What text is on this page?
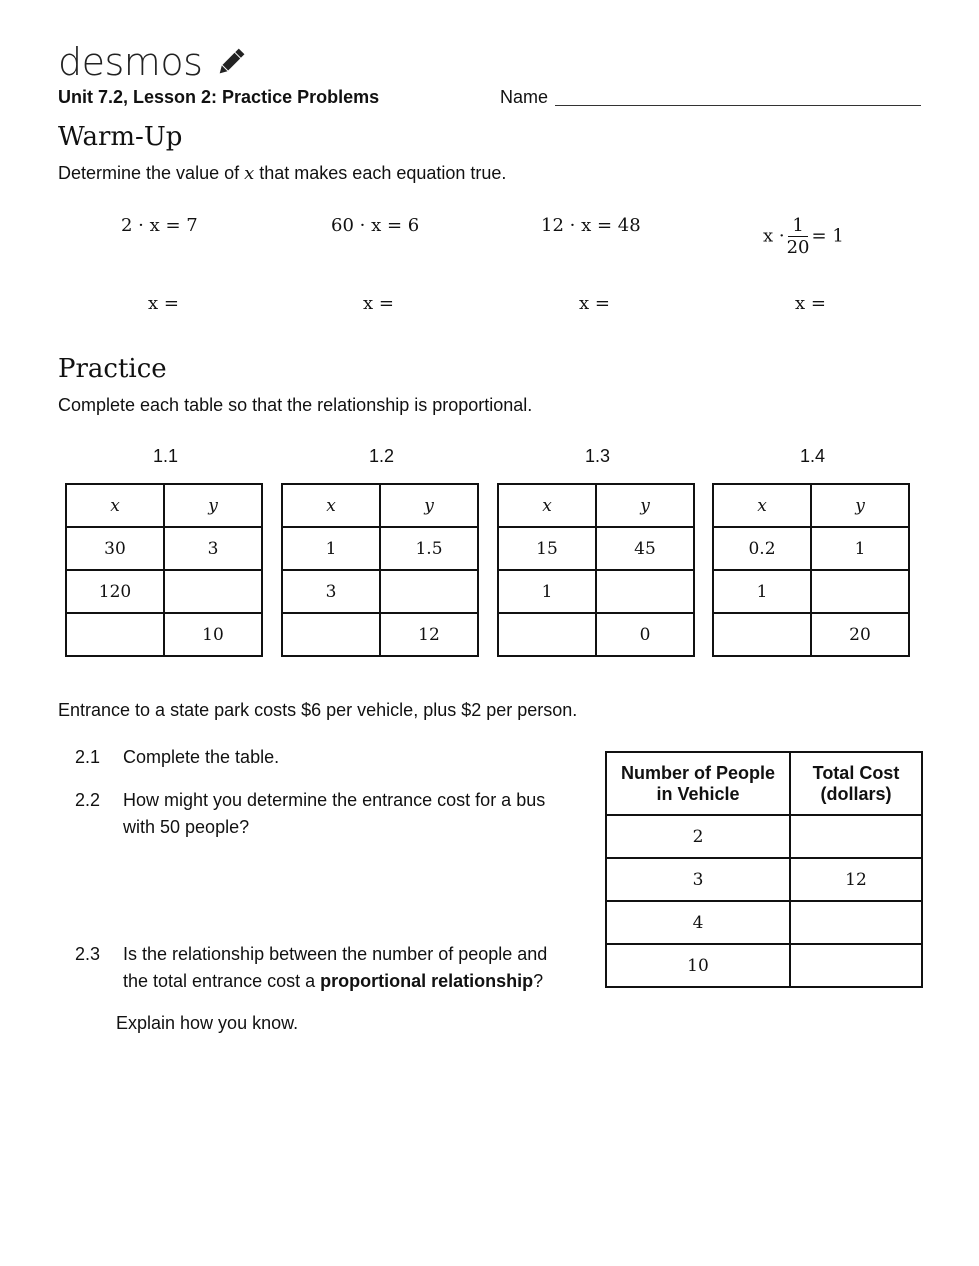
desmos
Unit 7.2, Lesson 2: Practice Problems	Name
Warm-Up
Determine the value of x that makes each equation true.
2 · x = 7	60 · x = 6	12 · x = 48	$x \cdot \frac{1}{20} = 1$
x =	x =	x =	x =
Practice
Complete each table so that the relationship is proportional.
1.1
x	y
30	3
120	
	10
1.2
x	y
1	1.5
3	
	12
1.3
x	y
15	45
1	
	0
1.4
x	y
0.2	1
1	
	20
Entrance to a state park costs $6 per vehicle, plus $2 per person.
2.1 Complete the table.
2.2 How might you determine the entrance cost for a bus
with 50 people?
2.3 Is the relationship between the number of people and
the total entrance cost a proportional relationship?
Explain how you know.
Number of People in Vehicle	Total Cost (dollars)
2	
3	12
4	
10	
